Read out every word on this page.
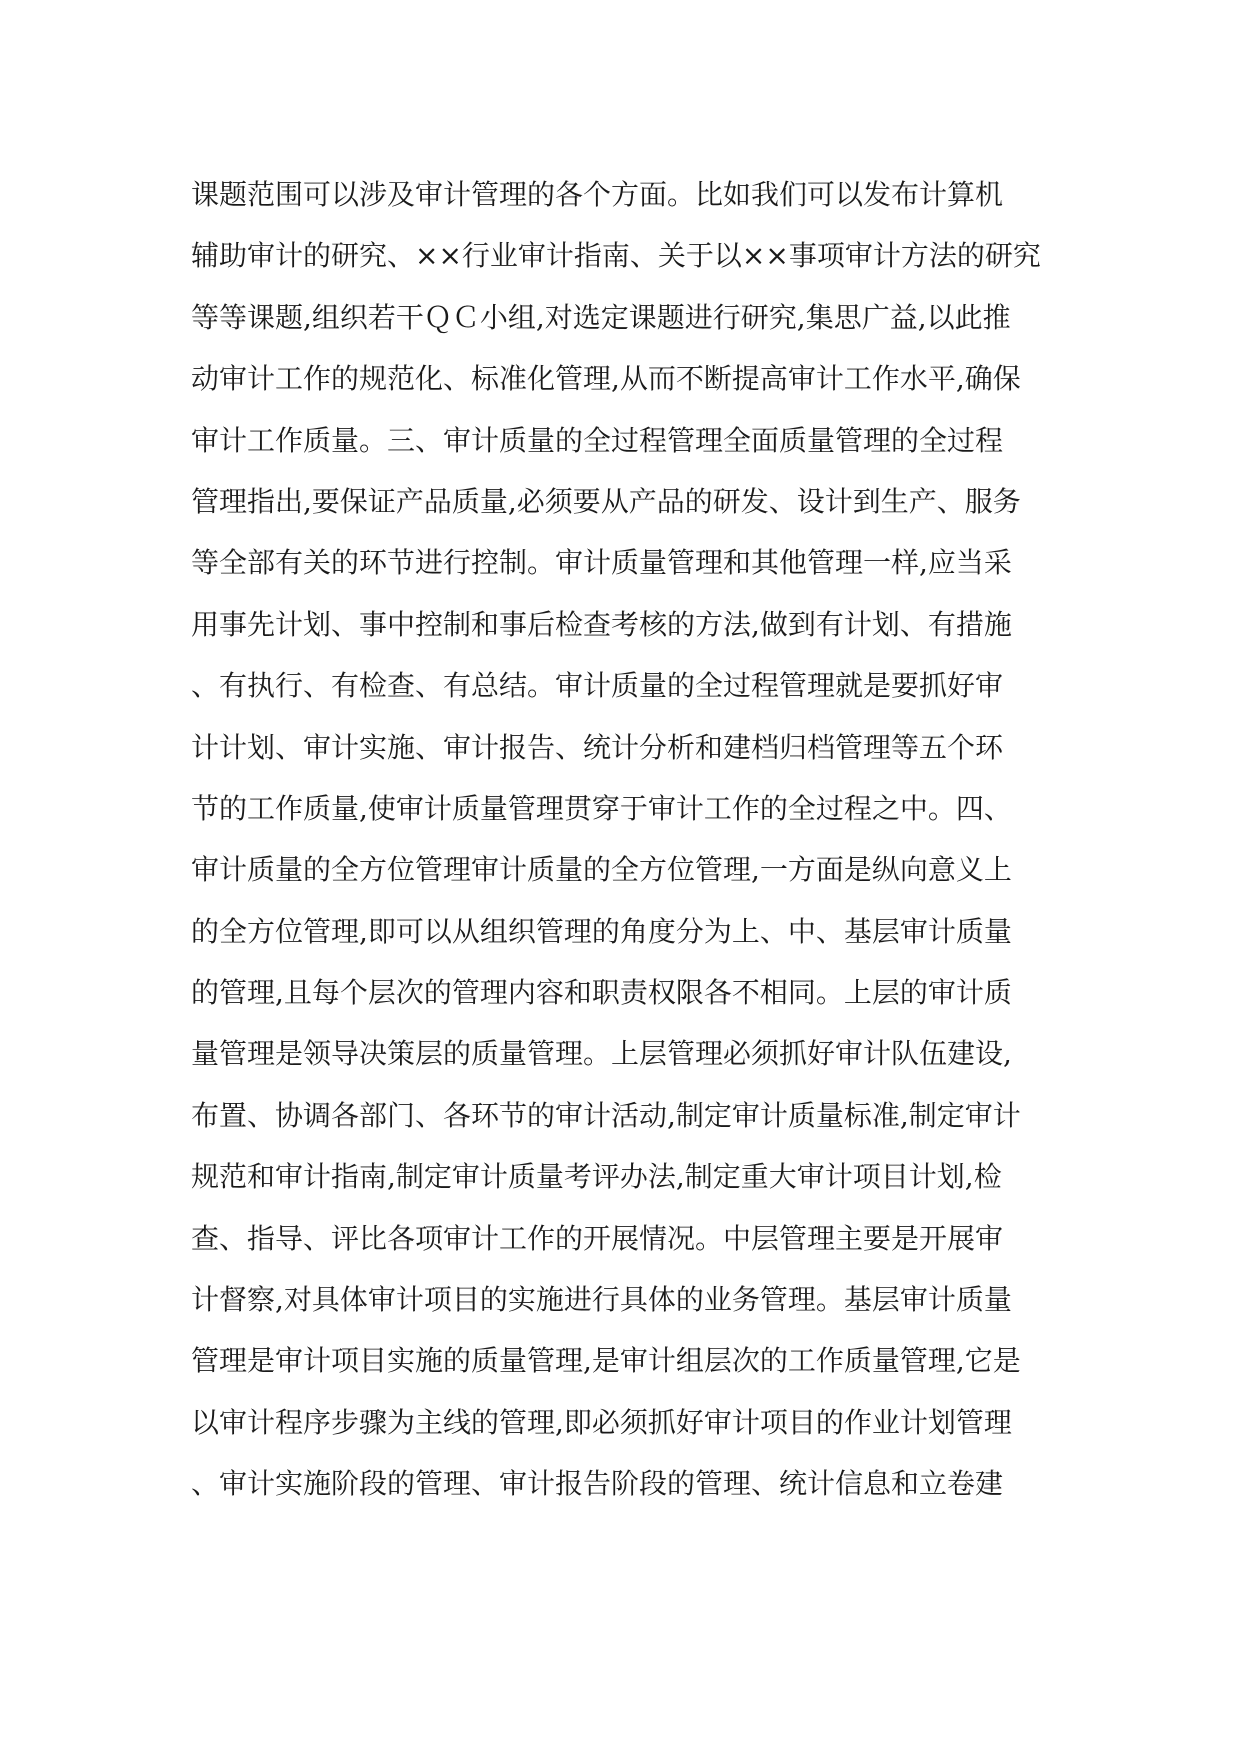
课题范围可以涉及审计管理的各个方面。比如我们可以发布计算机
辅助审计的研究、××行业审计指南、关于以××事项审计方法的研究
等等课题,组织若干ＱＣ小组,对选定课题进行研究,集思广益,以此推
动审计工作的规范化、标准化管理,从而不断提高审计工作水平,确保
审计工作质量。三、审计质量的全过程管理全面质量管理的全过程
管理指出,要保证产品质量,必须要从产品的研发、设计到生产、服务
等全部有关的环节进行控制。审计质量管理和其他管理一样,应当采
用事先计划、事中控制和事后检查考核的方法,做到有计划、有措施
、有执行、有检查、有总结。审计质量的全过程管理就是要抓好审
计计划、审计实施、审计报告、统计分析和建档归档管理等五个环
节的工作质量,使审计质量管理贯穿于审计工作的全过程之中。四、
审计质量的全方位管理审计质量的全方位管理,一方面是纵向意义上
的全方位管理,即可以从组织管理的角度分为上、中、基层审计质量
的管理,且每个层次的管理内容和职责权限各不相同。上层的审计质
量管理是领导决策层的质量管理。上层管理必须抓好审计队伍建设,
布置、协调各部门、各环节的审计活动,制定审计质量标准,制定审计
规范和审计指南,制定审计质量考评办法,制定重大审计项目计划,检
查、指导、评比各项审计工作的开展情况。中层管理主要是开展审
计督察,对具体审计项目的实施进行具体的业务管理。基层审计质量
管理是审计项目实施的质量管理,是审计组层次的工作质量管理,它是
以审计程序步骤为主线的管理,即必须抓好审计项目的作业计划管理
、审计实施阶段的管理、审计报告阶段的管理、统计信息和立卷建
